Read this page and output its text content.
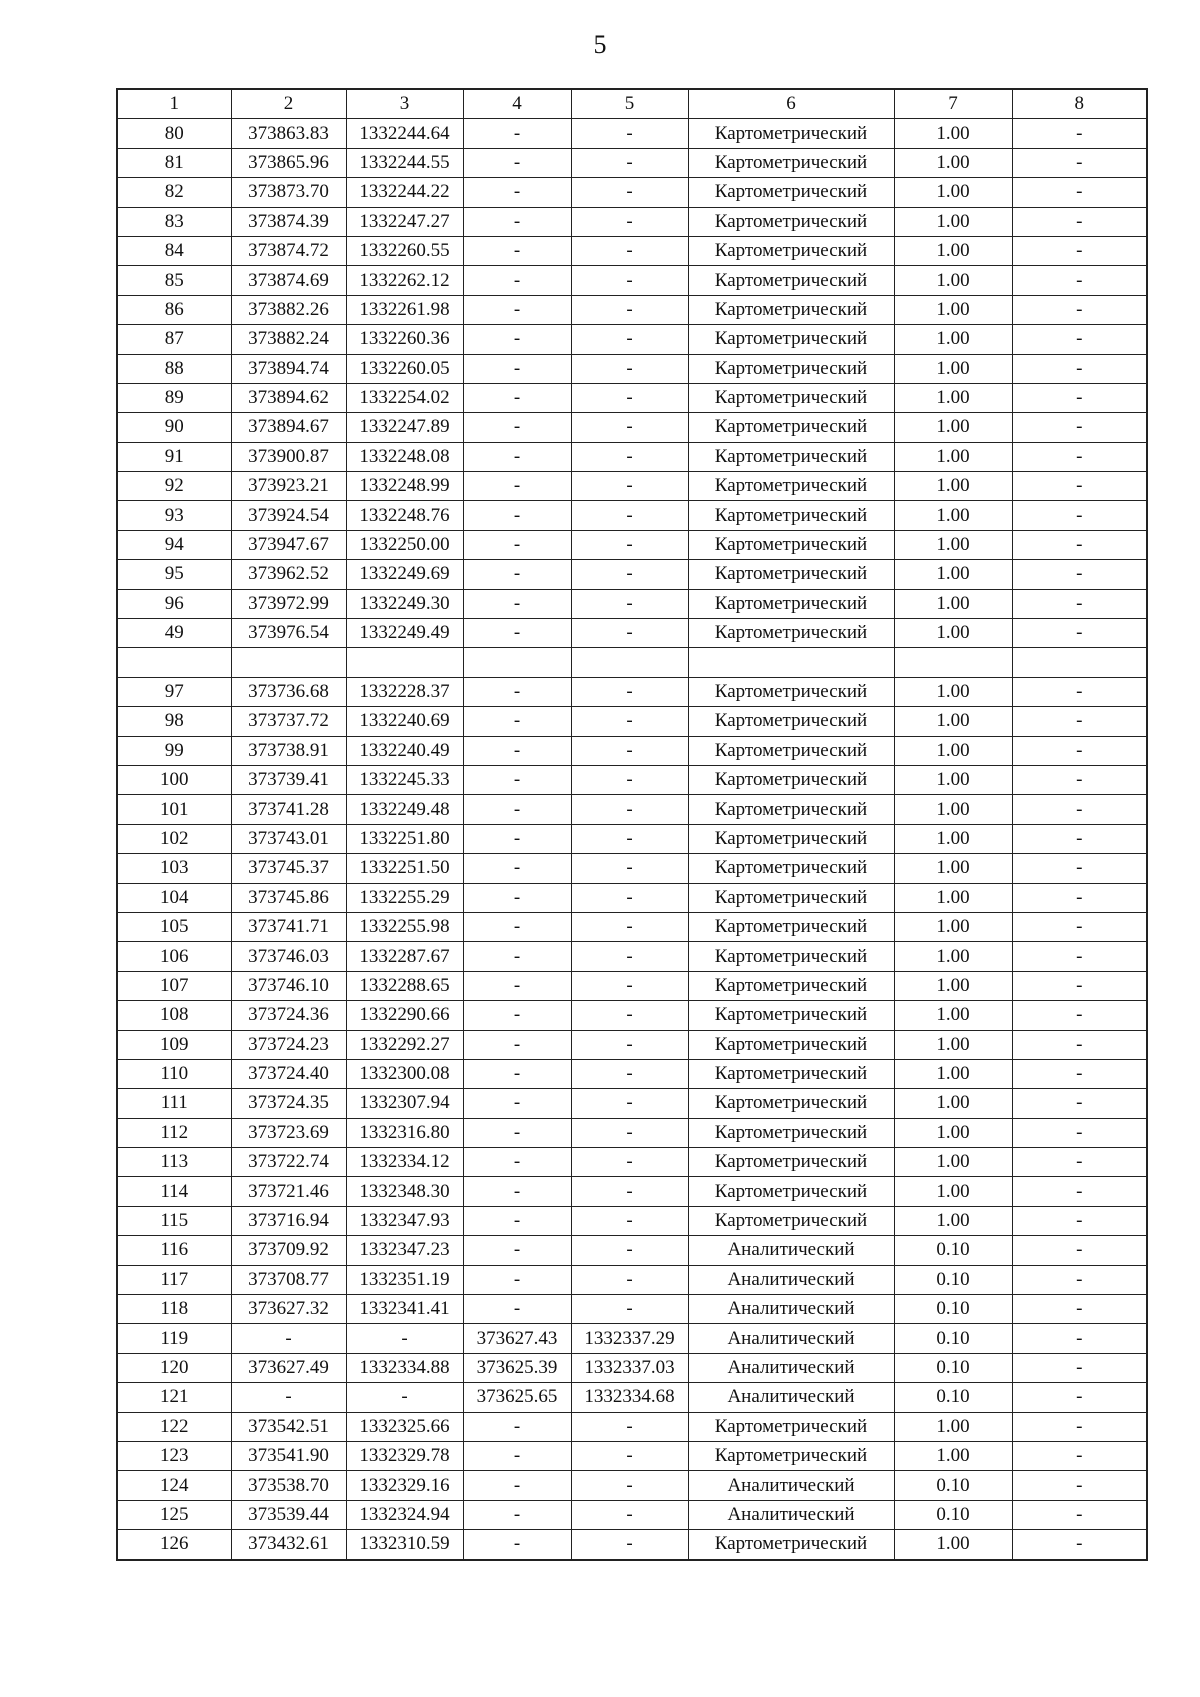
5
1	2	3	4	5	6	7	8
80	373863.83	1332244.64	-	-	Картометрический	1.00	-
81	373865.96	1332244.55	-	-	Картометрический	1.00	-
82	373873.70	1332244.22	-	-	Картометрический	1.00	-
83	373874.39	1332247.27	-	-	Картометрический	1.00	-
84	373874.72	1332260.55	-	-	Картометрический	1.00	-
85	373874.69	1332262.12	-	-	Картометрический	1.00	-
86	373882.26	1332261.98	-	-	Картометрический	1.00	-
87	373882.24	1332260.36	-	-	Картометрический	1.00	-
88	373894.74	1332260.05	-	-	Картометрический	1.00	-
89	373894.62	1332254.02	-	-	Картометрический	1.00	-
90	373894.67	1332247.89	-	-	Картометрический	1.00	-
91	373900.87	1332248.08	-	-	Картометрический	1.00	-
92	373923.21	1332248.99	-	-	Картометрический	1.00	-
93	373924.54	1332248.76	-	-	Картометрический	1.00	-
94	373947.67	1332250.00	-	-	Картометрический	1.00	-
95	373962.52	1332249.69	-	-	Картометрический	1.00	-
96	373972.99	1332249.30	-	-	Картометрический	1.00	-
49	373976.54	1332249.49	-	-	Картометрический	1.00	-

97	373736.68	1332228.37	-	-	Картометрический	1.00	-
98	373737.72	1332240.69	-	-	Картометрический	1.00	-
99	373738.91	1332240.49	-	-	Картометрический	1.00	-
100	373739.41	1332245.33	-	-	Картометрический	1.00	-
101	373741.28	1332249.48	-	-	Картометрический	1.00	-
102	373743.01	1332251.80	-	-	Картометрический	1.00	-
103	373745.37	1332251.50	-	-	Картометрический	1.00	-
104	373745.86	1332255.29	-	-	Картометрический	1.00	-
105	373741.71	1332255.98	-	-	Картометрический	1.00	-
106	373746.03	1332287.67	-	-	Картометрический	1.00	-
107	373746.10	1332288.65	-	-	Картометрический	1.00	-
108	373724.36	1332290.66	-	-	Картометрический	1.00	-
109	373724.23	1332292.27	-	-	Картометрический	1.00	-
110	373724.40	1332300.08	-	-	Картометрический	1.00	-
111	373724.35	1332307.94	-	-	Картометрический	1.00	-
112	373723.69	1332316.80	-	-	Картометрический	1.00	-
113	373722.74	1332334.12	-	-	Картометрический	1.00	-
114	373721.46	1332348.30	-	-	Картометрический	1.00	-
115	373716.94	1332347.93	-	-	Картометрический	1.00	-
116	373709.92	1332347.23	-	-	Аналитический	0.10	-
117	373708.77	1332351.19	-	-	Аналитический	0.10	-
118	373627.32	1332341.41	-	-	Аналитический	0.10	-
119	-	-	373627.43	1332337.29	Аналитический	0.10	-
120	373627.49	1332334.88	373625.39	1332337.03	Аналитический	0.10	-
121	-	-	373625.65	1332334.68	Аналитический	0.10	-
122	373542.51	1332325.66	-	-	Картометрический	1.00	-
123	373541.90	1332329.78	-	-	Картометрический	1.00	-
124	373538.70	1332329.16	-	-	Аналитический	0.10	-
125	373539.44	1332324.94	-	-	Аналитический	0.10	-
126	373432.61	1332310.59	-	-	Картометрический	1.00	-
